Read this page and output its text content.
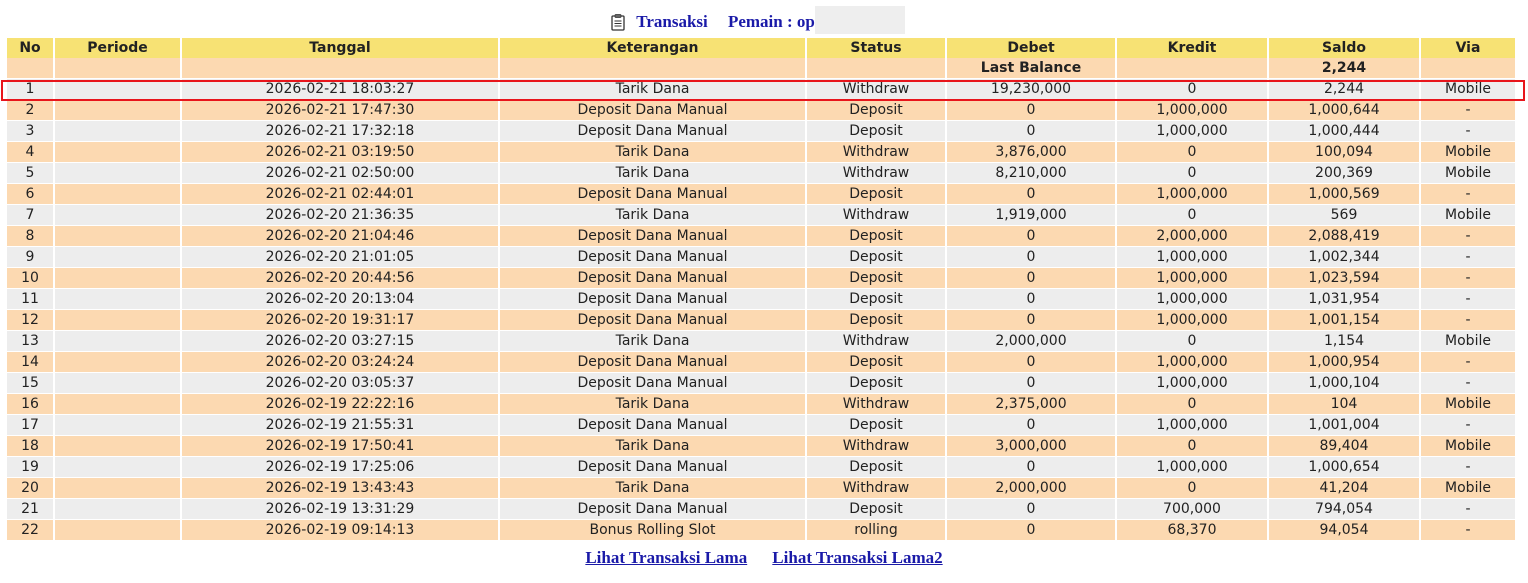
Transaksi Pemain : op
No	Periode	Tanggal	Keterangan	Status	Debet	Kredit	Saldo	Via
					Last Balance		2,244	
1		2026-02-21 18:03:27	Tarik Dana	Withdraw	19,230,000	0	2,244	Mobile
2		2026-02-21 17:47:30	Deposit Dana Manual	Deposit	0	1,000,000	1,000,644	-
3		2026-02-21 17:32:18	Deposit Dana Manual	Deposit	0	1,000,000	1,000,444	-
4		2026-02-21 03:19:50	Tarik Dana	Withdraw	3,876,000	0	100,094	Mobile
5		2026-02-21 02:50:00	Tarik Dana	Withdraw	8,210,000	0	200,369	Mobile
6		2026-02-21 02:44:01	Deposit Dana Manual	Deposit	0	1,000,000	1,000,569	-
7		2026-02-20 21:36:35	Tarik Dana	Withdraw	1,919,000	0	569	Mobile
8		2026-02-20 21:04:46	Deposit Dana Manual	Deposit	0	2,000,000	2,088,419	-
9		2026-02-20 21:01:05	Deposit Dana Manual	Deposit	0	1,000,000	1,002,344	-
10		2026-02-20 20:44:56	Deposit Dana Manual	Deposit	0	1,000,000	1,023,594	-
11		2026-02-20 20:13:04	Deposit Dana Manual	Deposit	0	1,000,000	1,031,954	-
12		2026-02-20 19:31:17	Deposit Dana Manual	Deposit	0	1,000,000	1,001,154	-
13		2026-02-20 03:27:15	Tarik Dana	Withdraw	2,000,000	0	1,154	Mobile
14		2026-02-20 03:24:24	Deposit Dana Manual	Deposit	0	1,000,000	1,000,954	-
15		2026-02-20 03:05:37	Deposit Dana Manual	Deposit	0	1,000,000	1,000,104	-
16		2026-02-19 22:22:16	Tarik Dana	Withdraw	2,375,000	0	104	Mobile
17		2026-02-19 21:55:31	Deposit Dana Manual	Deposit	0	1,000,000	1,001,004	-
18		2026-02-19 17:50:41	Tarik Dana	Withdraw	3,000,000	0	89,404	Mobile
19		2026-02-19 17:25:06	Deposit Dana Manual	Deposit	0	1,000,000	1,000,654	-
20		2026-02-19 13:43:43	Tarik Dana	Withdraw	2,000,000	0	41,204	Mobile
21		2026-02-19 13:31:29	Deposit Dana Manual	Deposit	0	700,000	794,054	-
22		2026-02-19 09:14:13	Bonus Rolling Slot	rolling	0	68,370	94,054	-
Lihat Transaksi Lama Lihat Transaksi Lama2
